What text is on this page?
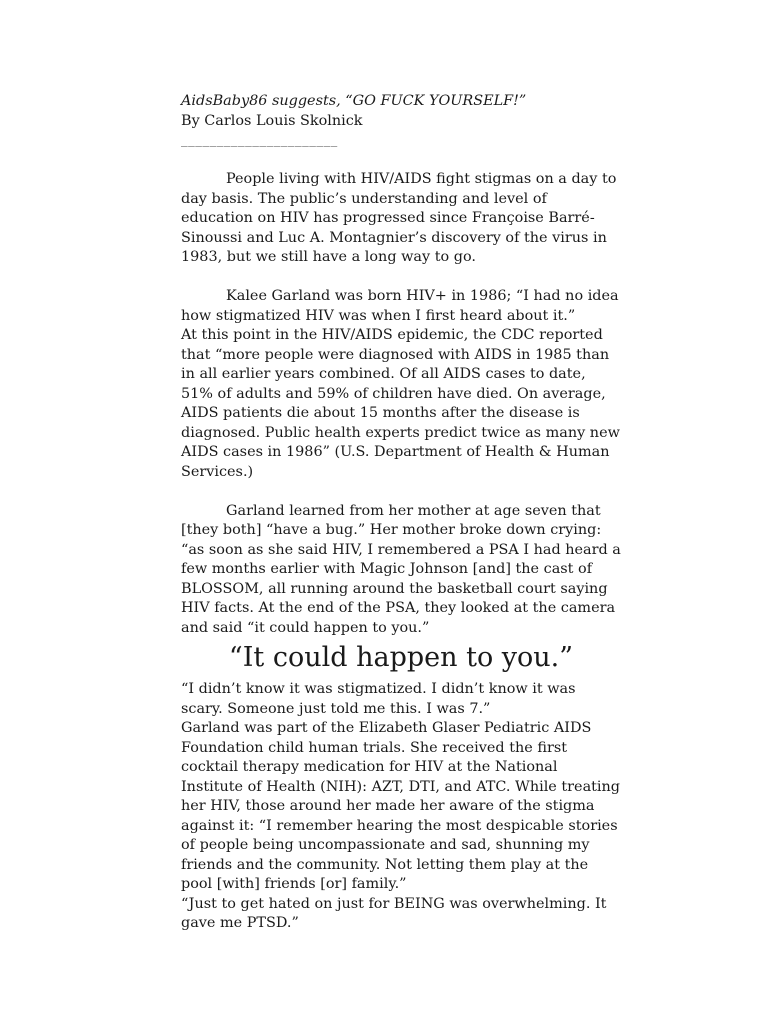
AidsBaby86 suggests, “GO FUCK YOURSELF!”

By Carlos Louis Skolnick

______________________

People living with HIV/AIDS fight stigmas on a day to day basis. The public’s understanding and level of education on HIV has progressed since Françoise Barré-Sinoussi and Luc A. Montagnier’s discovery of the virus in 1983, but we still have a long way to go.

Kalee Garland was born HIV+ in 1986; “I had no idea how stigmatized HIV was when I first heard about it.”

At this point in the HIV/AIDS epidemic, the CDC reported that “more people were diagnosed with AIDS in 1985 than in all earlier years combined. Of all AIDS cases to date, 51% of adults and 59% of children have died. On average, AIDS patients die about 15 months after the disease is diagnosed. Public health experts predict twice as many new AIDS cases in 1986” (U.S. Department of Health & Human Services.)

Garland learned from her mother at age seven that [they both] “have a bug.” Her mother broke down crying: “as soon as she said HIV, I remembered a PSA I had heard a few months earlier with Magic Johnson [and] the cast of BLOSSOM, all running around the basketball court saying HIV facts. At the end of the PSA, they looked at the camera and said “it could happen to you.”

“It could happen to you.”

“I didn’t know it was stigmatized. I didn’t know it was scary. Someone just told me this. I was 7.”

Garland was part of the Elizabeth Glaser Pediatric AIDS Foundation child human trials. She received the first cocktail therapy medication for HIV at the National Institute of Health (NIH): AZT, DTI, and ATC. While treating her HIV, those around her made her aware of the stigma against it: “I remember hearing the most despicable stories of people being uncompassionate and sad, shunning my friends and the community. Not letting them play at the pool [with] friends [or] family.”

“Just to get hated on just for BEING was overwhelming. It gave me PTSD.”
